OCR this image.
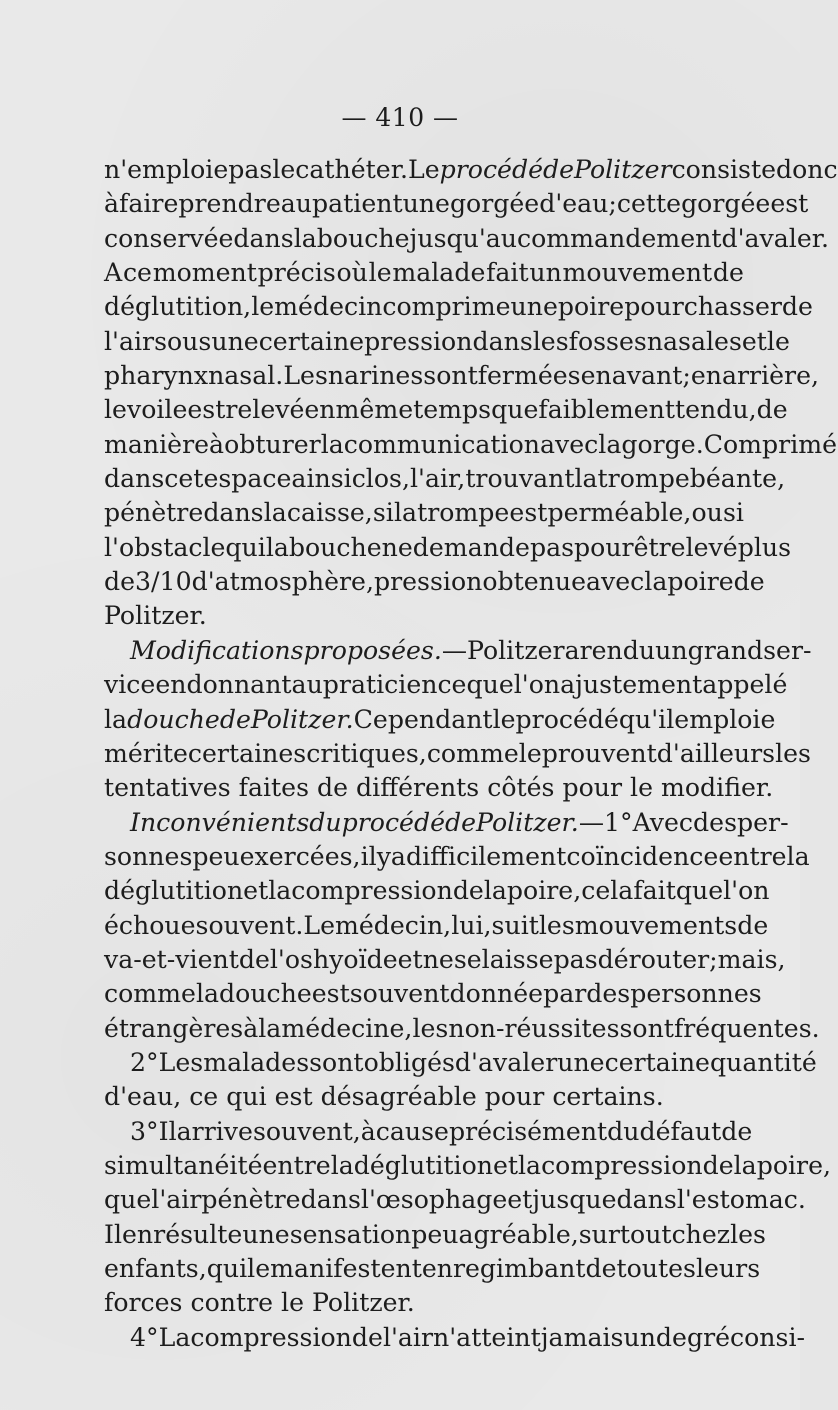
— 410 —
n'emploie pas le cathéter. Le procédé de Politzer consiste donc
à faire prendre au patient une gorgée d'eau; cette gorgée est
conservée dans la bouche jusqu'au commandement d'avaler.
A ce moment précis où le malade fait un mouvement de
déglutition, le médecin comprime une poire pour chasser de
l'air sous une certaine pression dans les fosses nasales et le
pharynx nasal. Les narines sont fermées en avant; en arrière,
le voile est relevé en même temps que faiblement tendu, de
manière à obturer la communication avec la gorge. Comprimé
dans cet espace ainsi clos, l'air, trouvant la trompe béante,
pénètre dans la caisse, si la trompe est perméable, ou si
l'obstacle qui la bouche ne demande pas pour être levé plus
de 3/10 d'atmosphère, pression obtenue avec la poire de
Politzer.
Modifications proposées. — Politzer a rendu un grand ser-
vice en donnant au praticien ce que l'on a justement appelé
la douche de Politzer. Cependant le procédé qu'il emploie
mérite certaines critiques, comme le prouvent d'ailleurs les
tentatives faites de différents côtés pour le modifier.
Inconvénients du procédé de Politzer. — 1° Avec des per-
sonnes peu exercées, il y a difficilement coïncidence entre la
déglutition et la compression de la poire, cela fait que l'on
échoue souvent. Le médecin, lui, suit les mouvements de
va-et-vient de l'os hyoïde et ne se laisse pas dérouter; mais,
comme la douche est souvent donnée par des personnes
étrangères à la médecine, les non-réussites sont fréquentes.
2° Les malades sont obligés d'avaler une certaine quantité
d'eau, ce qui est désagréable pour certains.
3° Il arrive souvent, à cause précisément du défaut de
simultanéité entre la déglutition et la compression de la poire,
que l'air pénètre dans l'œsophage et jusque dans l'estomac.
Il en résulte une sensation peu agréable, surtout chez les
enfants, qui le manifestent en regimbant de toutes leurs
forces contre le Politzer.
4° La compression de l'air n'atteint jamais un degré consi-
